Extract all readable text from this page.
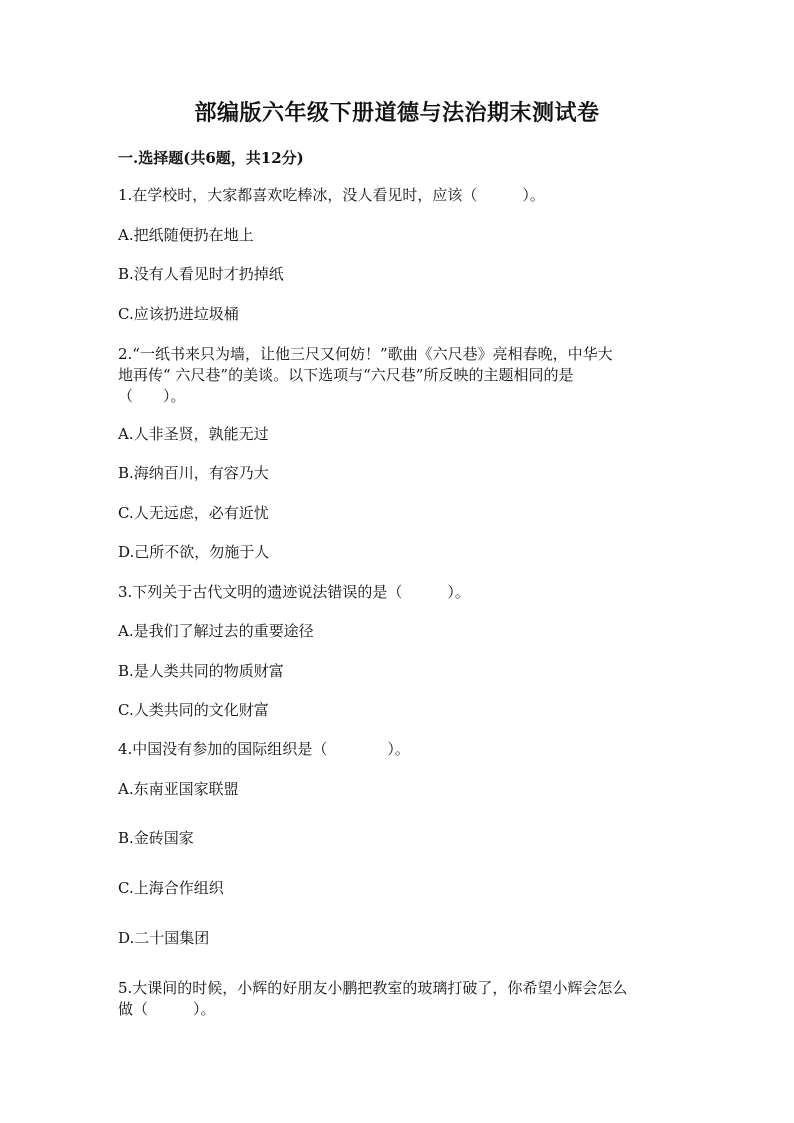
部编版六年级下册道德与法治期末测试卷
一.选择题(共6题，共12分)
1.在学校时，大家都喜欢吃棒冰，没人看见时，应该（　　　）。
A.把纸随便扔在地上
B.没有人看见时才扔掉纸
C.应该扔进垃圾桶
2.“一纸书来只为墙，让他三尺又何妨！”歌曲《六尺巷》亮相春晚，中华大
地再传“ 六尺巷”的美谈。以下选项与“六尺巷”所反映的主题相同的是
（　　）。
A.人非圣贤，孰能无过
B.海纳百川，有容乃大
C.人无远虑，必有近忧
D.己所不欲，勿施于人
3.下列关于古代文明的遗迹说法错误的是（　　　）。
A.是我们了解过去的重要途径
B.是人类共同的物质财富
C.人类共同的文化财富
4.中国没有参加的国际组织是（　　　　）。
A.东南亚国家联盟
B.金砖国家
C.上海合作组织
D.二十国集团
5.大课间的时候，小辉的好朋友小鹏把教室的玻璃打破了，你希望小辉会怎么
做（　　　）。
